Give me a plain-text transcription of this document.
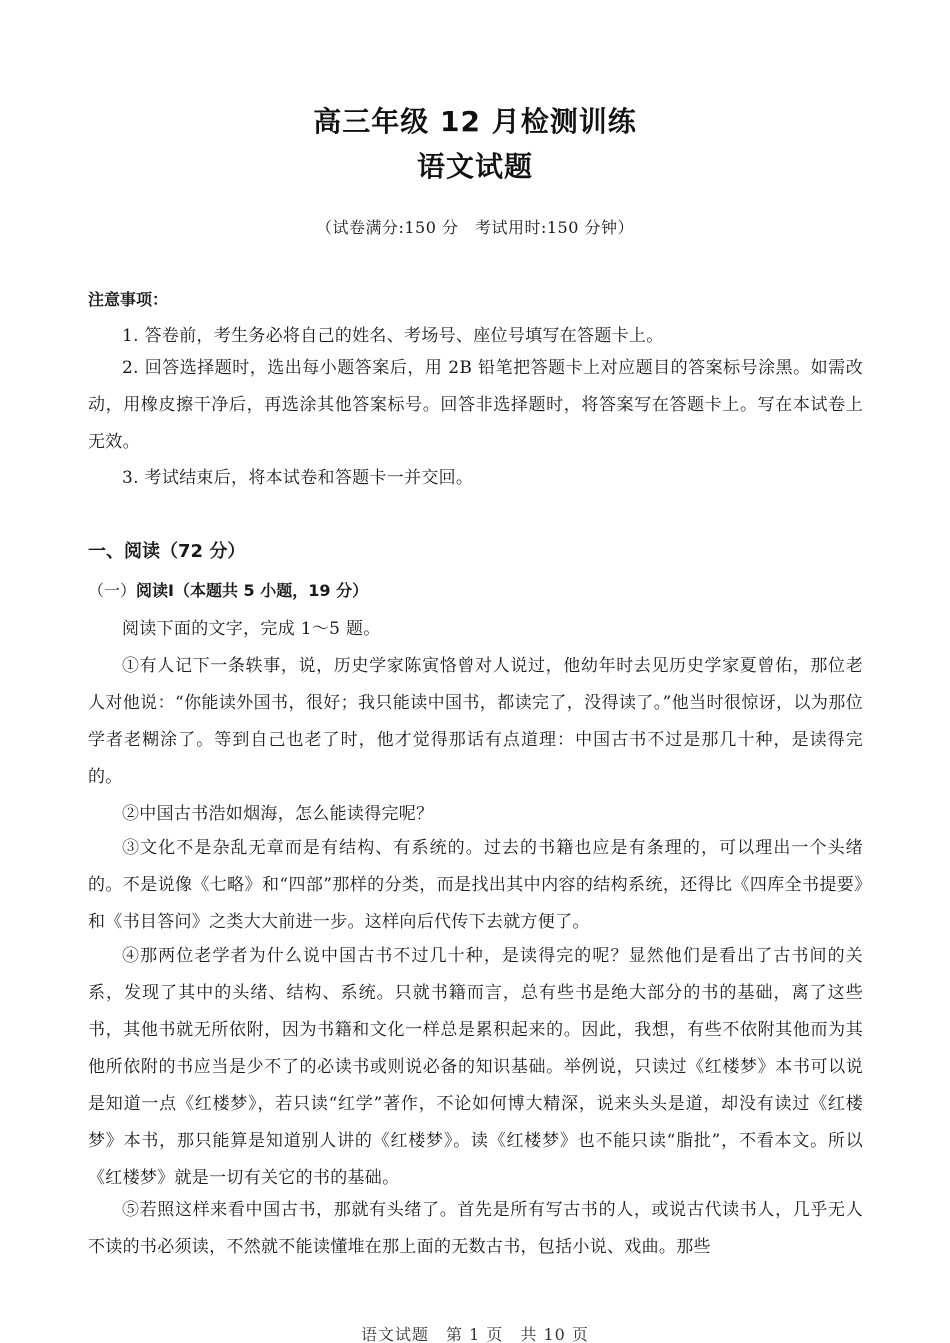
高三年级 12 月检测训练
语文试题
（试卷满分:150 分　考试用时:150 分钟）
注意事项：

1. 答卷前，考生务必将自己的姓名、考场号、座位号填写在答题卡上。

2. 回答选择题时，选出每小题答案后，用 2B 铅笔把答题卡上对应题目的答案标号涂黑。如需改动，用橡皮擦干净后，再选涂其他答案标号。回答非选择题时，将答案写在答题卡上。写在本试卷上无效。

3. 考试结束后，将本试卷和答题卡一并交回。

一、阅读（72 分）
（一）阅读Ⅰ（本题共 5 小题，19 分）

阅读下面的文字，完成 1～5 题。

①有人记下一条轶事，说，历史学家陈寅恪曾对人说过，他幼年时去见历史学家夏曾佑，那位老人对他说：“你能读外国书，很好；我只能读中国书，都读完了，没得读了。”他当时很惊讶，以为那位学者老糊涂了。等到自己也老了时，他才觉得那话有点道理：中国古书不过是那几十种，是读得完的。

②中国古书浩如烟海，怎么能读得完呢？

③文化不是杂乱无章而是有结构、有系统的。过去的书籍也应是有条理的，可以理出一个头绪的。不是说像《七略》和“四部”那样的分类，而是找出其中内容的结构系统，还得比《四库全书提要》和《书目答问》之类大大前进一步。这样向后代传下去就方便了。

④那两位老学者为什么说中国古书不过几十种，是读得完的呢？显然他们是看出了古书间的关系，发现了其中的头绪、结构、系统。只就书籍而言，总有些书是绝大部分的书的基础，离了这些书，其他书就无所依附，因为书籍和文化一样总是累积起来的。因此，我想，有些不依附其他而为其他所依附的书应当是少不了的必读书或则说必备的知识基础。举例说，只读过《红楼梦》本书可以说是知道一点《红楼梦》，若只读“红学”著作，不论如何博大精深，说来头头是道，却没有读过《红楼梦》本书，那只能算是知道别人讲的《红楼梦》。读《红楼梦》也不能只读“脂批”，不看本文。所以《红楼梦》就是一切有关它的书的基础。

⑤若照这样来看中国古书，那就有头绪了。首先是所有写古书的人，或说古代读书人，几乎无人不读的书必须读，不然就不能读懂堆在那上面的无数古书，包括小说、戏曲。那些

语文试题　第 1 页　共 10 页
